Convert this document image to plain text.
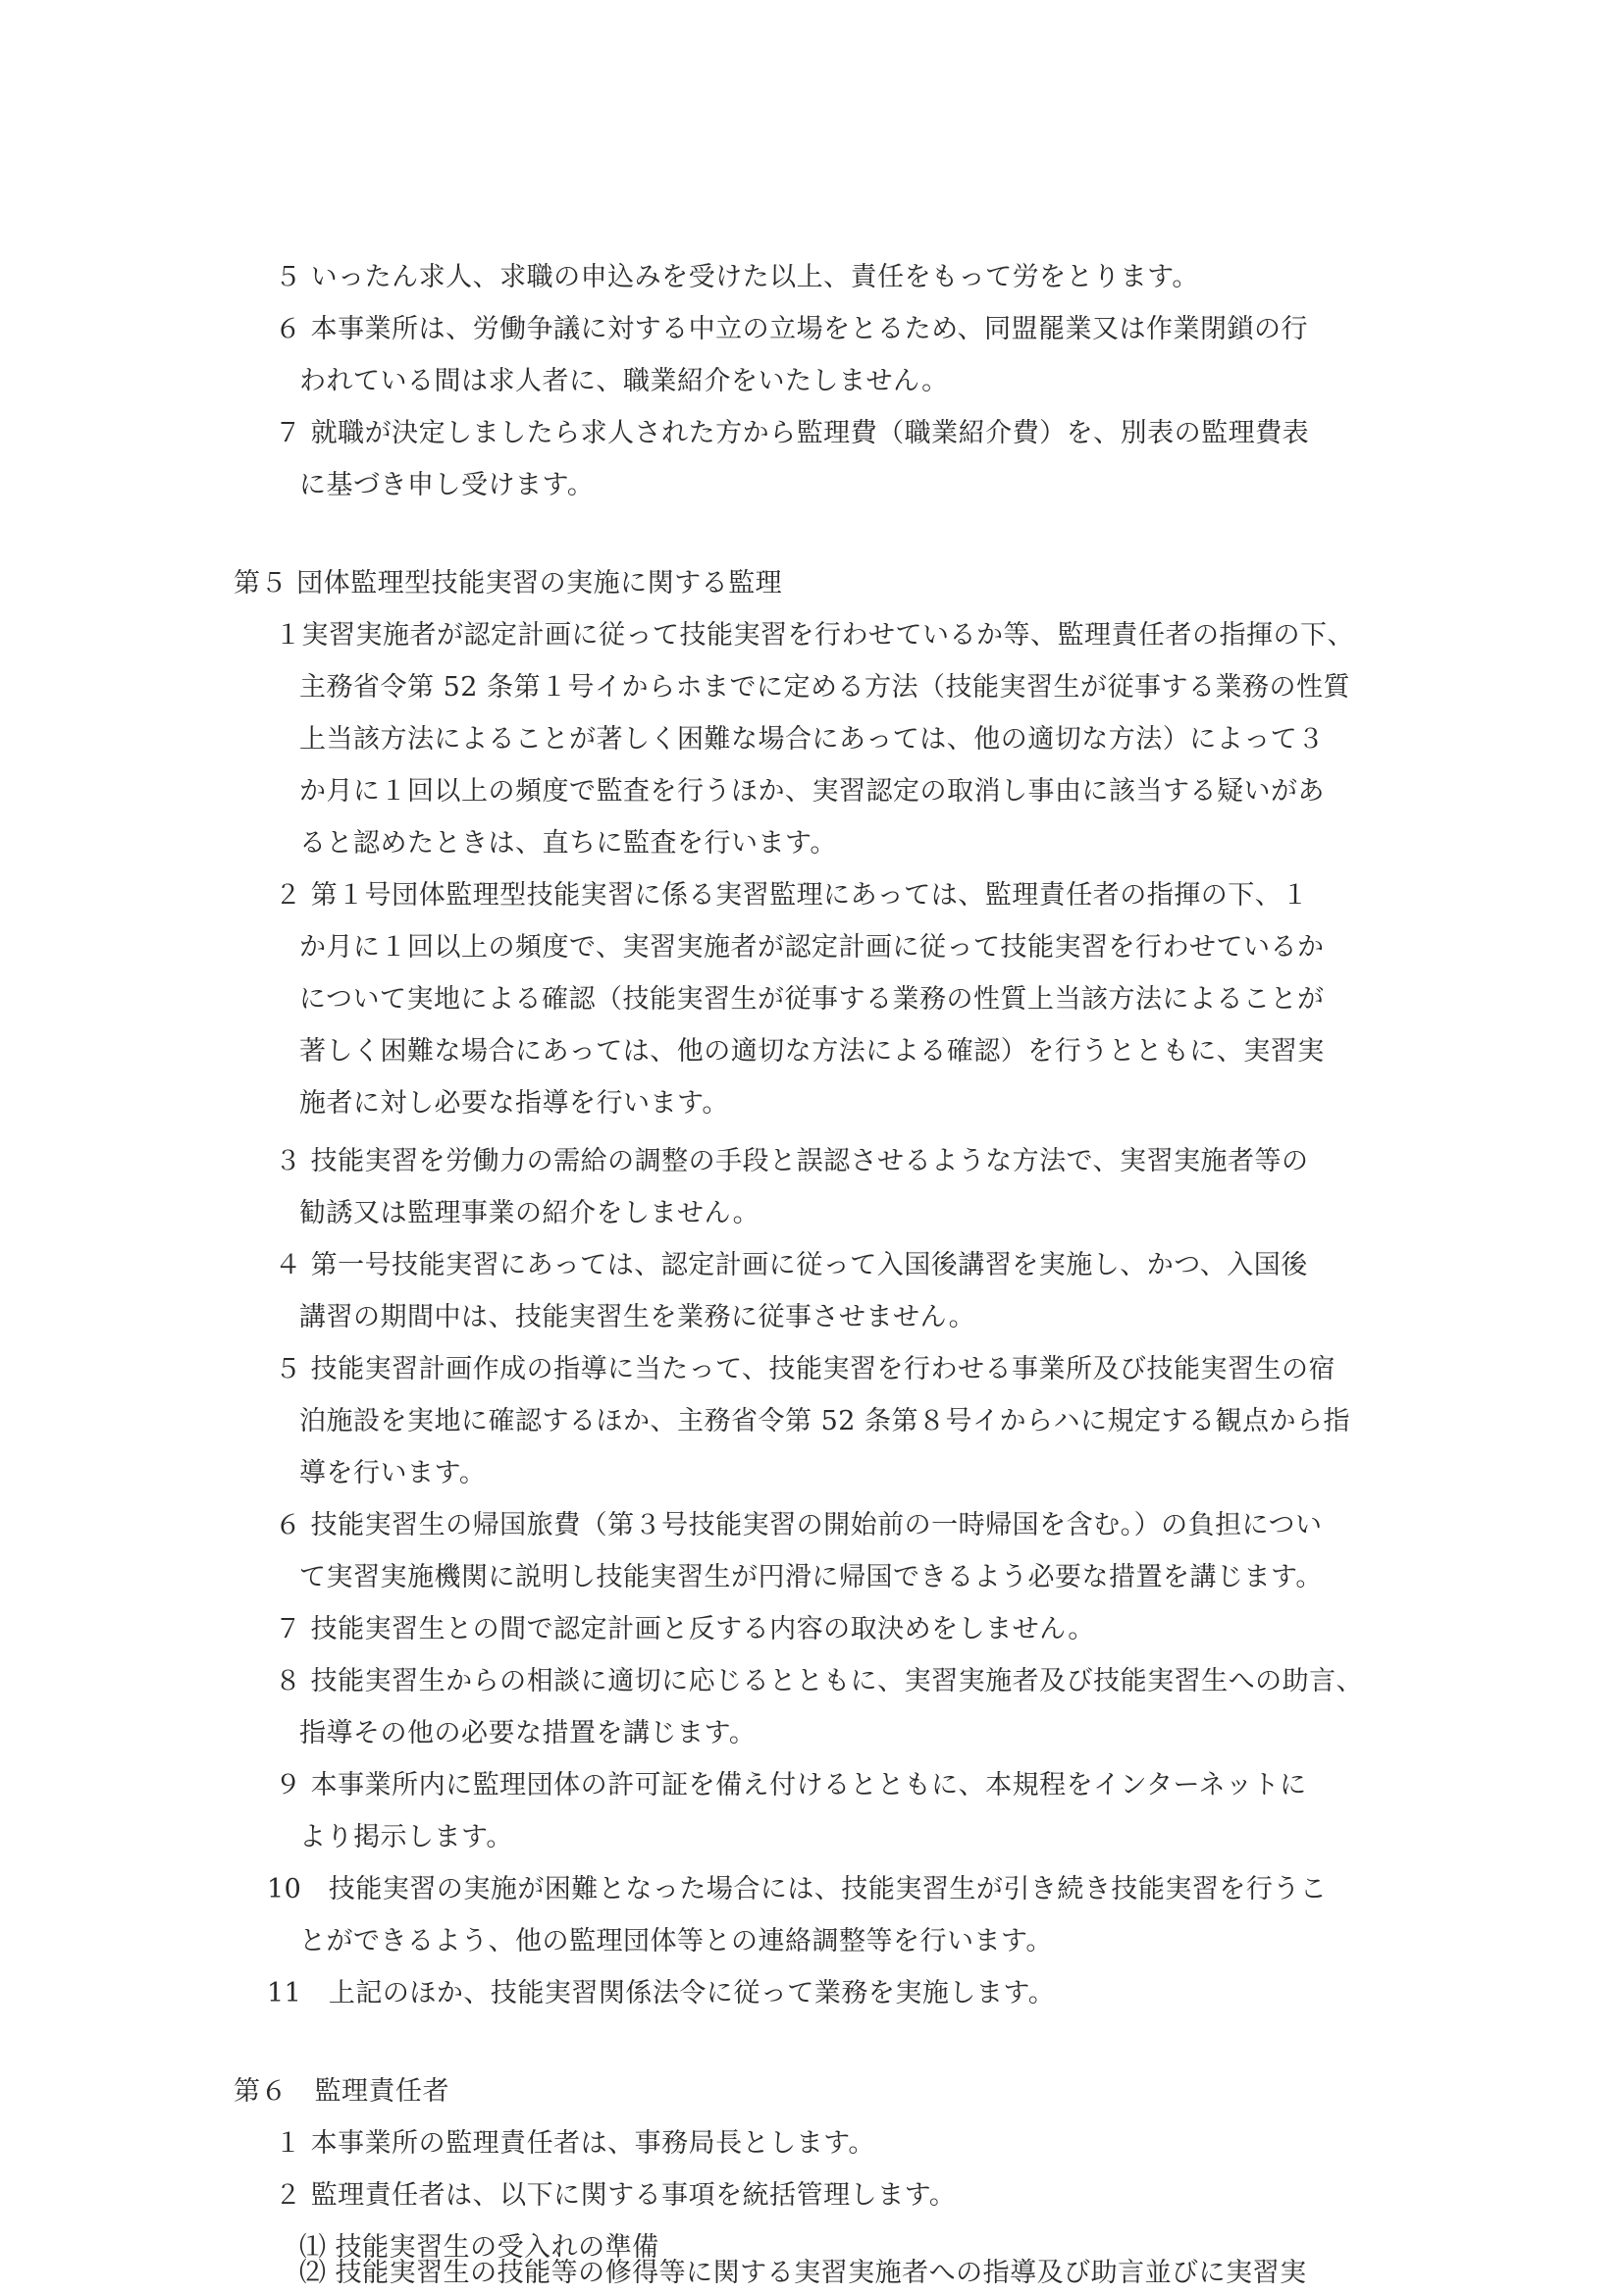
５ いったん求人、求職の申込みを受けた以上、責任をもって労をとります。
６ 本事業所は、労働争議に対する中立の立場をとるため、同盟罷業又は作業閉鎖の行
われている間は求人者に、職業紹介をいたしません。
７ 就職が決定しましたら求人された方から監理費（職業紹介費）を、別表の監理費表
に基づき申し受けます。
第５ 団体監理型技能実習の実施に関する監理
１実習実施者が認定計画に従って技能実習を行わせているか等、監理責任者の指揮の下、
主務省令第 52 条第１号イからホまでに定める方法（技能実習生が従事する業務の性質
上当該方法によることが著しく困難な場合にあっては、他の適切な方法）によって３
か月に１回以上の頻度で監査を行うほか、実習認定の取消し事由に該当する疑いがあ
ると認めたときは、直ちに監査を行います。
２ 第１号団体監理型技能実習に係る実習監理にあっては、監理責任者の指揮の下、１
か月に１回以上の頻度で、実習実施者が認定計画に従って技能実習を行わせているか
について実地による確認（技能実習生が従事する業務の性質上当該方法によることが
著しく困難な場合にあっては、他の適切な方法による確認）を行うとともに、実習実
施者に対し必要な指導を行います。
３ 技能実習を労働力の需給の調整の手段と誤認させるような方法で、実習実施者等の
勧誘又は監理事業の紹介をしません。
４ 第一号技能実習にあっては、認定計画に従って入国後講習を実施し、かつ、入国後
講習の期間中は、技能実習生を業務に従事させません。
５ 技能実習計画作成の指導に当たって、技能実習を行わせる事業所及び技能実習生の宿
泊施設を実地に確認するほか、主務省令第 52 条第８号イからハに規定する観点から指
導を行います。
６ 技能実習生の帰国旅費（第３号技能実習の開始前の一時帰国を含む。）の負担につい
て実習実施機関に説明し技能実習生が円滑に帰国できるよう必要な措置を講じます。
７ 技能実習生との間で認定計画と反する内容の取決めをしません。
８ 技能実習生からの相談に適切に応じるとともに、実習実施者及び技能実習生への助言、
指導その他の必要な措置を講じます。
９ 本事業所内に監理団体の許可証を備え付けるとともに、本規程をインターネットに
より掲示します。
10　技能実習の実施が困難となった場合には、技能実習生が引き続き技能実習を行うこ
とができるよう、他の監理団体等との連絡調整等を行います。
11　上記のほか、技能実習関係法令に従って業務を実施します。
第６　監理責任者
１ 本事業所の監理責任者は、事務局長とします。
２ 監理責任者は、以下に関する事項を統括管理します。
⑴ 技能実習生の受入れの準備
⑵ 技能実習生の技能等の修得等に関する実習実施者への指導及び助言並びに実習実
